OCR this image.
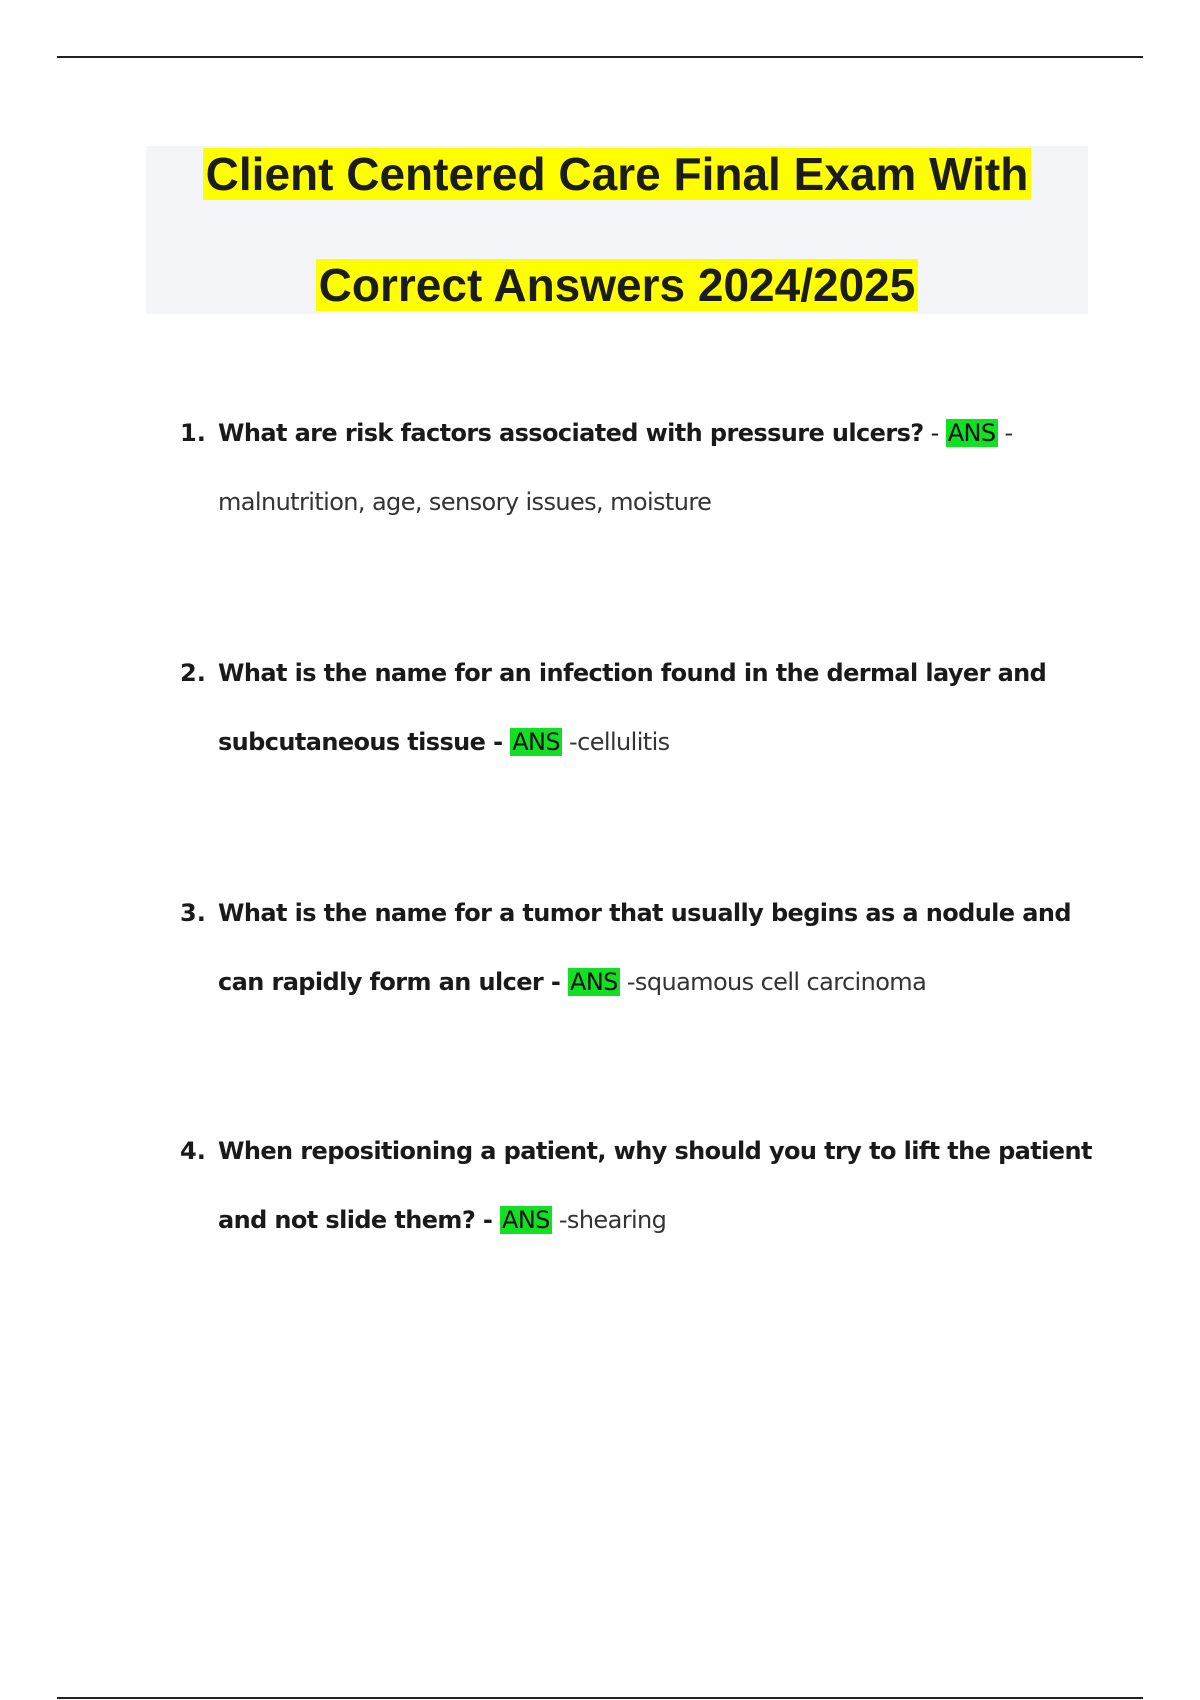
Client Centered Care Final Exam With
Correct Answers 2024/2025
1. What are risk factors associated with pressure ulcers? - ANS -malnutrition, age, sensory issues, moisture
2. What is the name for an infection found in the dermal layer and subcutaneous tissue - ANS -cellulitis
3. What is the name for a tumor that usually begins as a nodule and can rapidly form an ulcer - ANS -squamous cell carcinoma
4. When repositioning a patient, why should you try to lift the patient and not slide them? - ANS -shearing
